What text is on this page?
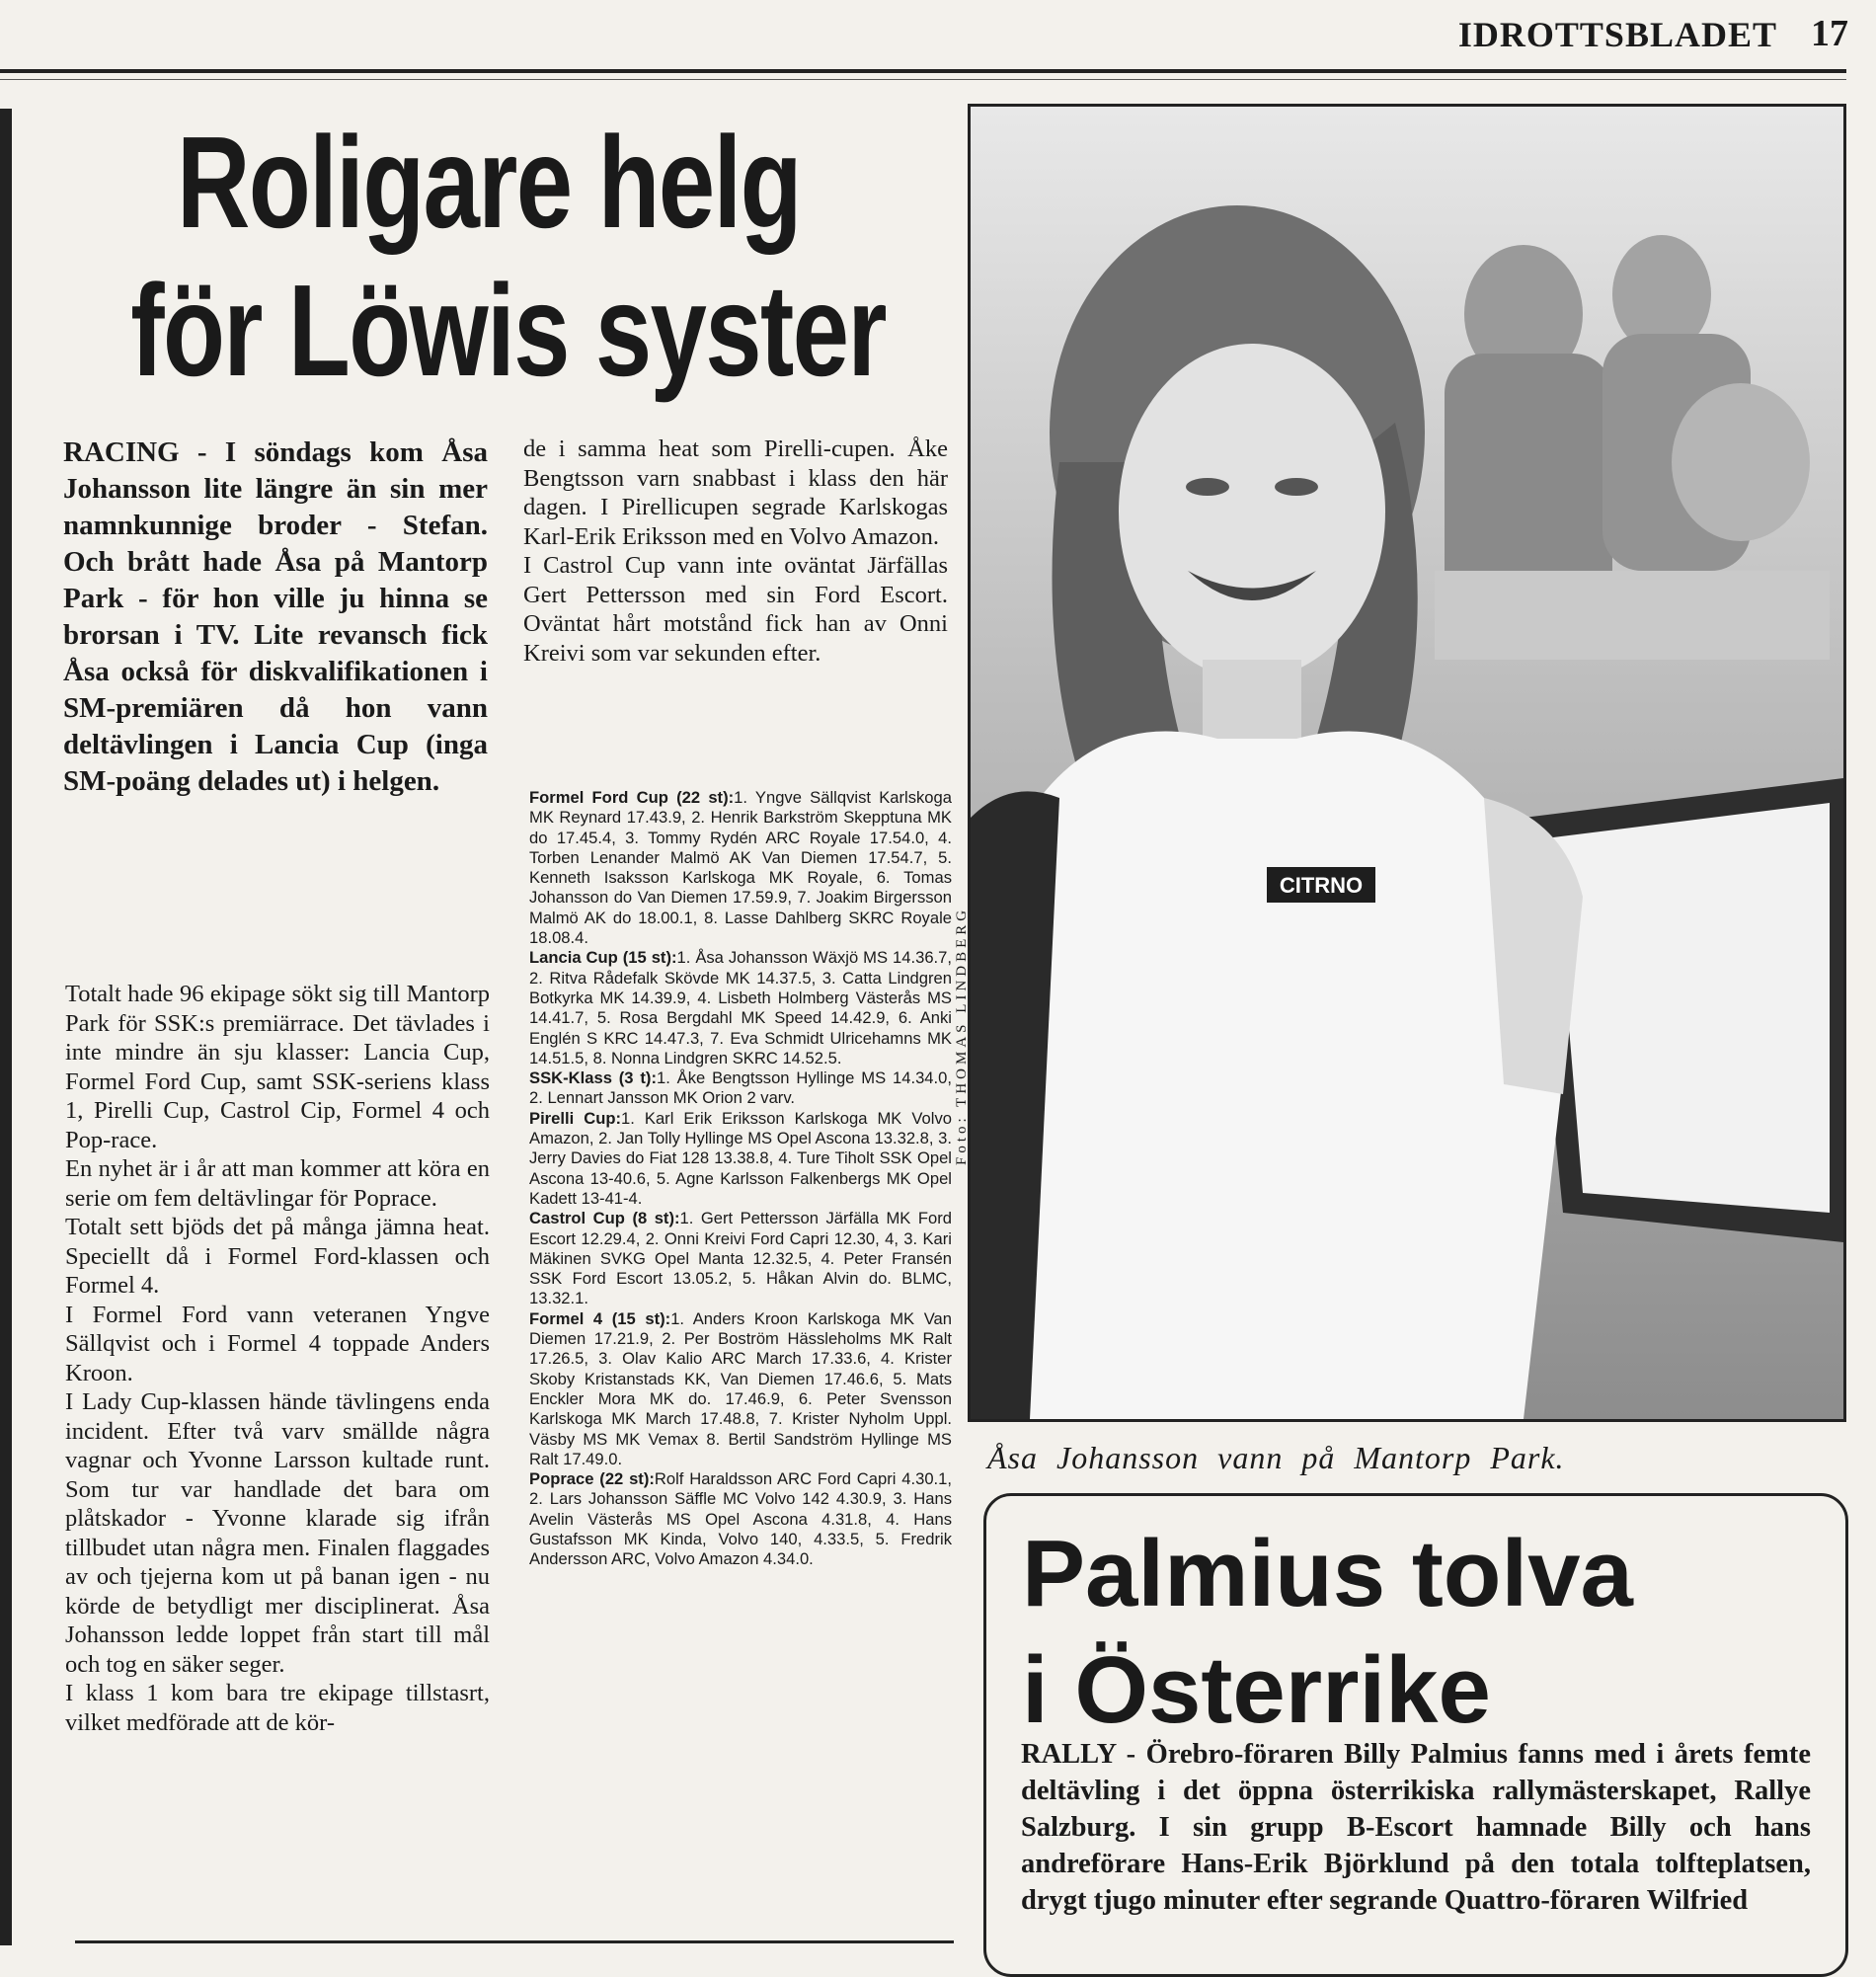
IDROTTSBLADET 17
Roligare helg
för Löwis syster

RACING - I söndags kom Åsa Johansson lite längre än sin mer namnkunnige broder - Stefan. Och brått hade Åsa på Mantorp Park - för hon ville ju hinna se brorsan i TV. Lite revansch fick Åsa också för diskvalifikationen i SM-premiären då hon vann deltävlingen i Lancia Cup (inga SM-poäng delades ut) i helgen.

Totalt hade 96 ekipage sökt sig till Mantorp Park för SSK:s premiärrace. Det tävlades i inte mindre än sju klasser: Lancia Cup, Formel Ford Cup, samt SSK-seriens klass 1, Pirelli Cup, Castrol Cip, Formel 4 och Pop-race.

En nyhet är i år att man kommer att köra en serie om fem deltävlingar för Poprace.

Totalt sett bjöds det på många jämna heat. Speciellt då i Formel Ford-klassen och Formel 4.

I Formel Ford vann veteranen Yngve Sällqvist och i Formel 4 toppade Anders Kroon.

I Lady Cup-klassen hände tävlingens enda incident. Efter två varv smällde några vagnar och Yvonne Larsson kultade runt. Som tur var handlade det bara om plåtskador - Yvonne klarade sig ifrån tillbudet utan några men. Finalen flaggades av och tjejerna kom ut på banan igen - nu körde de betydligt mer disciplinerat. Åsa Johansson ledde loppet från start till mål och tog en säker seger.

I klass 1 kom bara tre ekipage tillstasrt, vilket medförade att de kör-

de i samma heat som Pirelli-cupen. Åke Bengtsson varn snabbast i klass den här dagen. I Pirellicupen segrade Karlskogas Karl-Erik Eriksson med en Volvo Amazon.

I Castrol Cup vann inte oväntat Järfällas Gert Pettersson med sin Ford Escort. Oväntat hårt motstånd fick han av Onni Kreivi som var sekunden efter.

Formel Ford Cup (22 st):1. Yngve Sällqvist Karlskoga MK Reynard 17.43.9, 2. Henrik Barkström Skepptuna MK do 17.45.4, 3. Tommy Rydén ARC Royale 17.54.0, 4. Torben Lenander Malmö AK Van Diemen 17.54.7, 5. Kenneth Isaksson Karlskoga MK Royale, 6. Tomas Johansson do Van Diemen 17.59.9, 7. Joakim Birgersson Malmö AK do 18.00.1, 8. Lasse Dahlberg SKRC Royale 18.08.4.

Lancia Cup (15 st):1. Åsa Johansson Wäxjö MS 14.36.7, 2. Ritva Rådefalk Skövde MK 14.37.5, 3. Catta Lindgren Botkyrka MK 14.39.9, 4. Lisbeth Holmberg Västerås MS 14.41.7, 5. Rosa Bergdahl MK Speed 14.42.9, 6. Anki Englén S KRC 14.47.3, 7. Eva Schmidt Ulricehamns MK 14.51.5, 8. Nonna Lindgren SKRC 14.52.5.

SSK-Klass (3 t):1. Åke Bengtsson Hyllinge MS 14.34.0, 2. Lennart Jansson MK Orion 2 varv.

Pirelli Cup:1. Karl Erik Eriksson Karlskoga MK Volvo Amazon, 2. Jan Tolly Hyllinge MS Opel Ascona 13.32.8, 3. Jerry Davies do Fiat 128 13.38.8, 4. Ture Tiholt SSK Opel Ascona 13-40.6, 5. Agne Karlsson Falkenbergs MK Opel Kadett 13-41-4.

Castrol Cup (8 st):1. Gert Pettersson Järfälla MK Ford Escort 12.29.4, 2. Onni Kreivi Ford Capri 12.30, 4, 3. Kari Mäkinen SVKG Opel Manta 12.32.5, 4. Peter Fransén SSK Ford Escort 13.05.2, 5. Håkan Alvin do. BLMC, 13.32.1.

Formel 4 (15 st):1. Anders Kroon Karlskoga MK Van Diemen 17.21.9, 2. Per Boström Hässleholms MK Ralt 17.26.5, 3. Olav Kalio ARC March 17.33.6, 4. Krister Skoby Kristanstads KK, Van Diemen 17.46.6, 5. Mats Enckler Mora MK do. 17.46.9, 6. Peter Svensson Karlskoga MK March 17.48.8, 7. Krister Nyholm Uppl. Väsby MS MK Vemax 8. Bertil Sandström Hyllinge MS Ralt 17.49.0.

Poprace (22 st):Rolf Haraldsson ARC Ford Capri 4.30.1, 2. Lars Johansson Säffle MC Volvo 142 4.30.9, 3. Hans Avelin Västerås MS Opel Ascona 4.31.8, 4. Hans Gustafsson MK Kinda, Volvo 140, 4.33.5, 5. Fredrik Andersson ARC, Volvo Amazon 4.34.0.

CITRNO
Foto: THOMAS LINDBERG
Åsa Johansson vann på Mantorp Park.
Palmius tolva
i Österrike

RALLY - Örebro-föraren Billy Palmius fanns med i årets femte deltävling i det öppna österrikiska rallymästerskapet, Rallye Salzburg. I sin grupp B-Escort hamnade Billy och hans andreförare Hans-Erik Björklund på den totala tolfteplatsen, drygt tjugo minuter efter segrande Quattro-föraren Wilfried
